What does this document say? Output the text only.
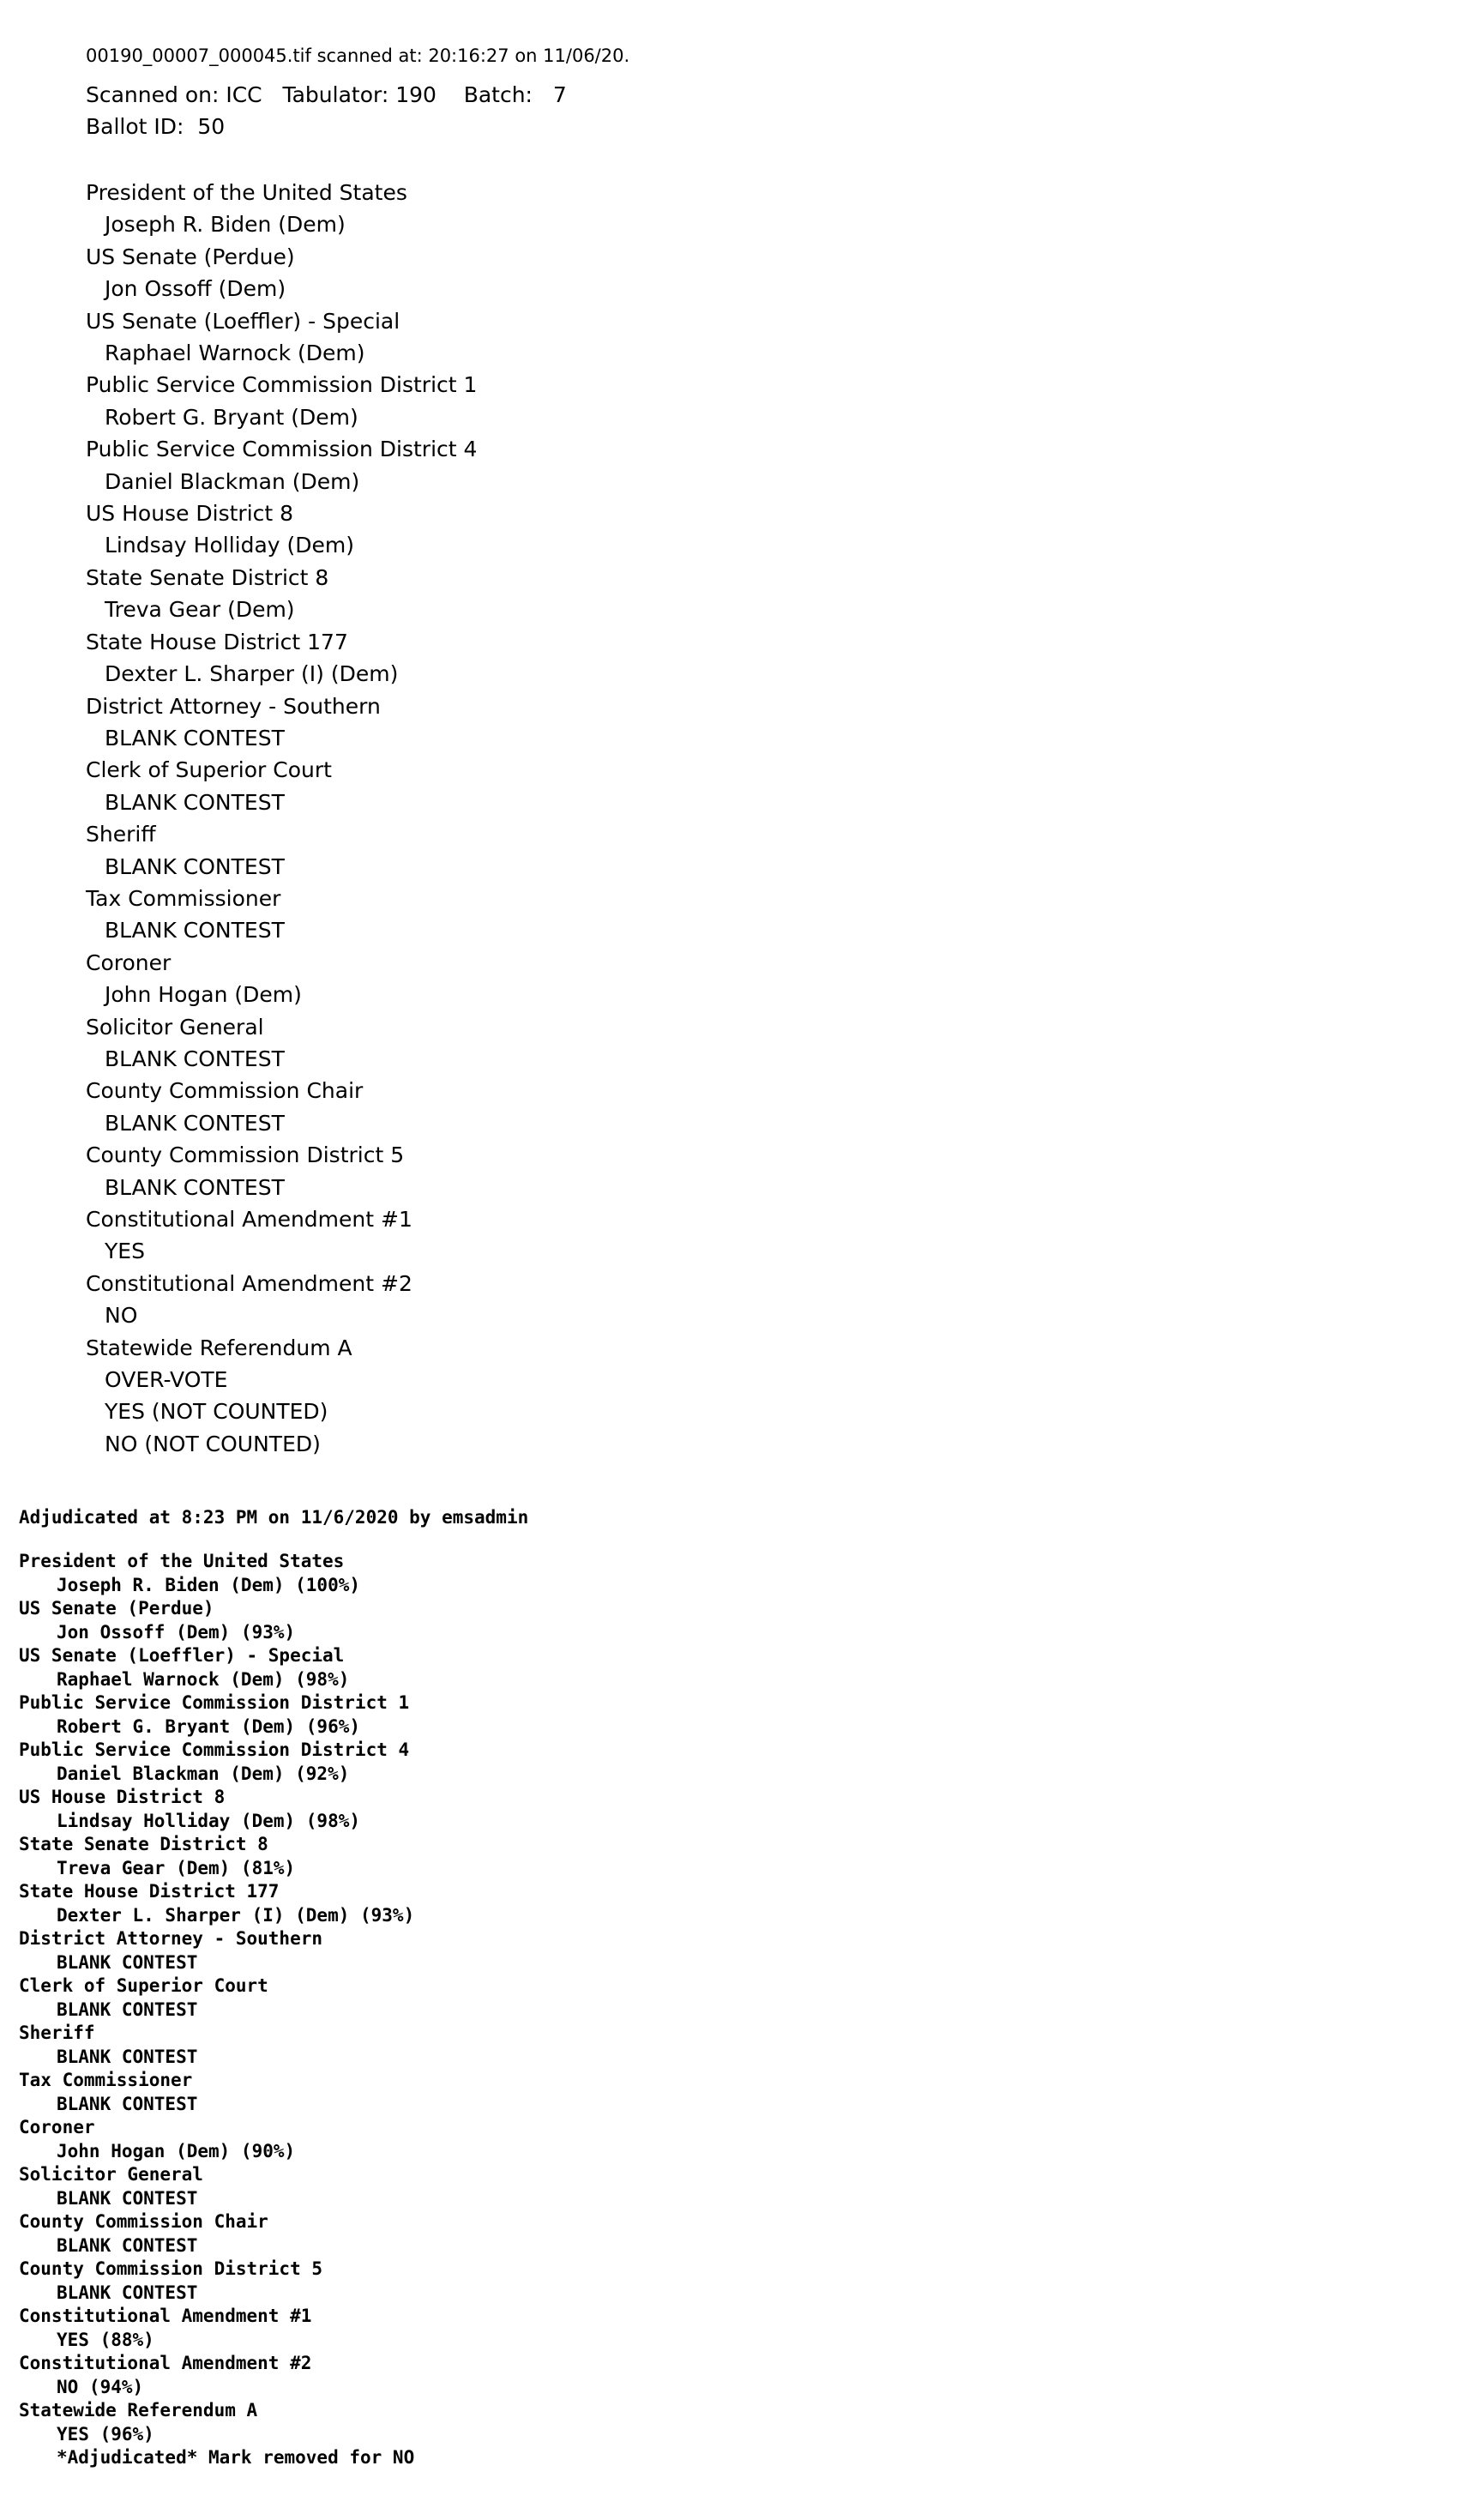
00190_00007_000045.tif scanned at: 20:16:27 on 11/06/20.
Scanned on: ICC   Tabulator: 190    Batch:   7
Ballot ID:  50
President of the United States
Joseph R. Biden (Dem)
US Senate (Perdue)
Jon Ossoff (Dem)
US Senate (Loeffler) - Special
Raphael Warnock (Dem)
Public Service Commission District 1
Robert G. Bryant (Dem)
Public Service Commission District 4
Daniel Blackman (Dem)
US House District 8
Lindsay Holliday (Dem)
State Senate District 8
Treva Gear (Dem)
State House District 177
Dexter L. Sharper (I) (Dem)
District Attorney - Southern
BLANK CONTEST
Clerk of Superior Court
BLANK CONTEST
Sheriff
BLANK CONTEST
Tax Commissioner
BLANK CONTEST
Coroner
John Hogan (Dem)
Solicitor General
BLANK CONTEST
County Commission Chair
BLANK CONTEST
County Commission District 5
BLANK CONTEST
Constitutional Amendment #1
YES
Constitutional Amendment #2
NO
Statewide Referendum A
OVER-VOTE
YES (NOT COUNTED)
NO (NOT COUNTED)
Adjudicated at 8:23 PM on 11/6/2020 by emsadmin
President of the United States
Joseph R. Biden (Dem) (100%)
US Senate (Perdue)
Jon Ossoff (Dem) (93%)
US Senate (Loeffler) - Special
Raphael Warnock (Dem) (98%)
Public Service Commission District 1
Robert G. Bryant (Dem) (96%)
Public Service Commission District 4
Daniel Blackman (Dem) (92%)
US House District 8
Lindsay Holliday (Dem) (98%)
State Senate District 8
Treva Gear (Dem) (81%)
State House District 177
Dexter L. Sharper (I) (Dem) (93%)
District Attorney - Southern
BLANK CONTEST
Clerk of Superior Court
BLANK CONTEST
Sheriff
BLANK CONTEST
Tax Commissioner
BLANK CONTEST
Coroner
John Hogan (Dem) (90%)
Solicitor General
BLANK CONTEST
County Commission Chair
BLANK CONTEST
County Commission District 5
BLANK CONTEST
Constitutional Amendment #1
YES (88%)
Constitutional Amendment #2
NO (94%)
Statewide Referendum A
YES (96%)
*Adjudicated* Mark removed for NO
